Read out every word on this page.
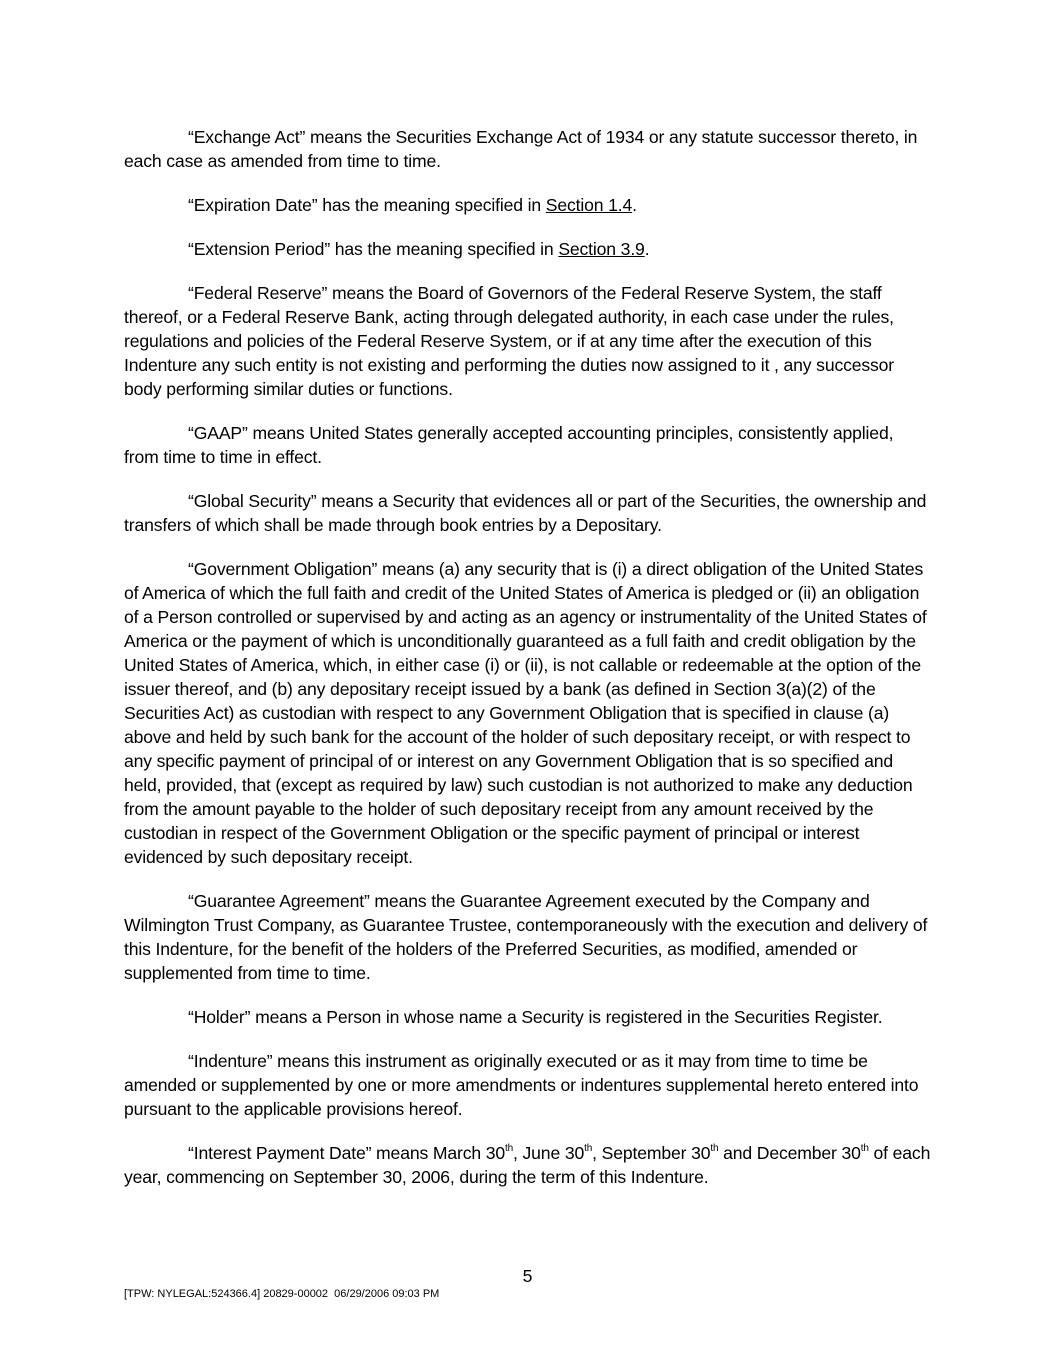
“Exchange Act” means the Securities Exchange Act of 1934 or any statute successor thereto, in each case as amended from time to time.

“Expiration Date” has the meaning specified in Section 1.4.

“Extension Period” has the meaning specified in Section 3.9.

“Federal Reserve” means the Board of Governors of the Federal Reserve System, the staff thereof, or a Federal Reserve Bank, acting through delegated authority, in each case under the rules, regulations and policies of the Federal Reserve System, or if at any time after the execution of this Indenture any such entity is not existing and performing the duties now assigned to it , any successor body performing similar duties or functions.

“GAAP” means United States generally accepted accounting principles, consistently applied, from time to time in effect.

“Global Security” means a Security that evidences all or part of the Securities, the ownership and transfers of which shall be made through book entries by a Depositary.

“Government Obligation” means (a) any security that is (i) a direct obligation of the United States of America of which the full faith and credit of the United States of America is pledged or (ii) an obligation of a Person controlled or supervised by and acting as an agency or instrumentality of the United States of America or the payment of which is unconditionally guaranteed as a full faith and credit obligation by the United States of America, which, in either case (i) or (ii), is not callable or redeemable at the option of the issuer thereof, and (b) any depositary receipt issued by a bank (as defined in Section 3(a)(2) of the Securities Act) as custodian with respect to any Government Obligation that is specified in clause (a) above and held by such bank for the account of the holder of such depositary receipt, or with respect to any specific payment of principal of or interest on any Government Obligation that is so specified and held, provided, that (except as required by law) such custodian is not authorized to make any deduction from the amount payable to the holder of such depositary receipt from any amount received by the custodian in respect of the Government Obligation or the specific payment of principal or interest evidenced by such depositary receipt.

“Guarantee Agreement” means the Guarantee Agreement executed by the Company and Wilmington Trust Company, as Guarantee Trustee, contemporaneously with the execution and delivery of this Indenture, for the benefit of the holders of the Preferred Securities, as modified, amended or supplemented from time to time.

“Holder” means a Person in whose name a Security is registered in the Securities Register.

“Indenture” means this instrument as originally executed or as it may from time to time be amended or supplemented by one or more amendments or indentures supplemental hereto entered into pursuant to the applicable provisions hereof.

“Interest Payment Date” means March 30th, June 30th, September 30th and December 30th of each year, commencing on September 30, 2006, during the term of this Indenture.

5
[TPW: NYLEGAL:524366.4] 20829-00002  06/29/2006 09:03 PM
